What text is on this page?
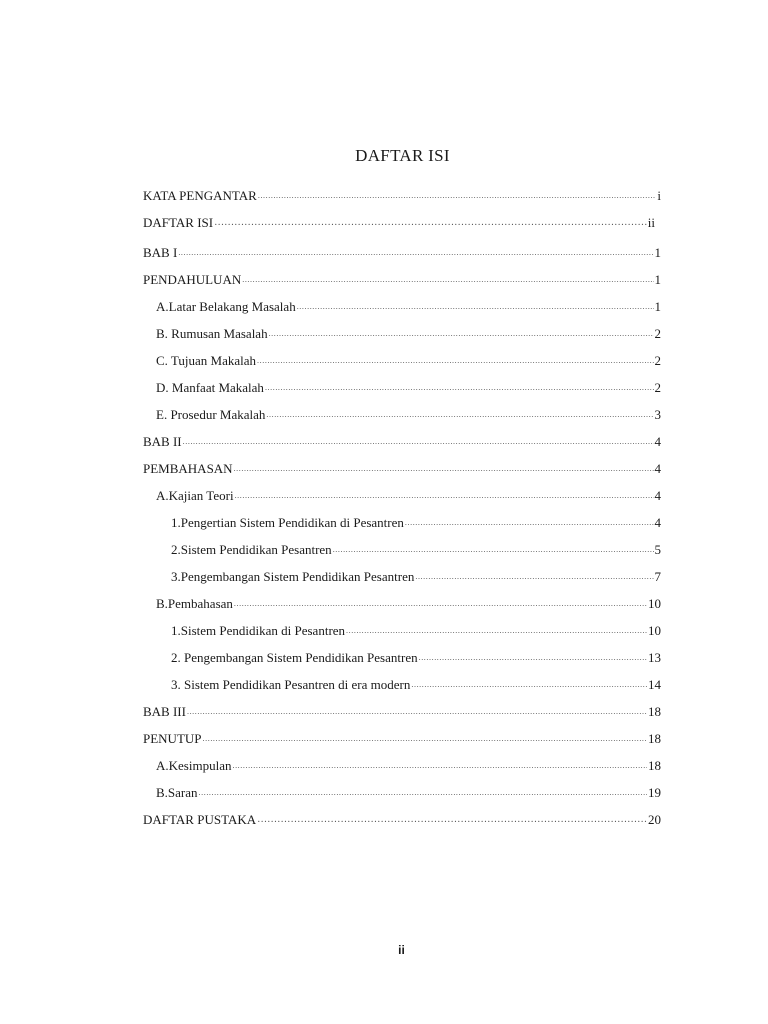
DAFTAR ISI
KATA PENGANTAR .....	i
DAFTAR ISI …………………………………………………………………………………………………………………………………………………………………………	ii
BAB I .....	1
PENDAHULUAN .....	1
A.Latar Belakang Masalah .....	1
B. Rumusan Masalah .....	2
C. Tujuan Makalah .....	2
D. Manfaat Makalah .....	2
E. Prosedur Makalah .....	3
BAB II .....	4
PEMBAHASAN .....	4
A.Kajian Teori .....	4
1.Pengertian Sistem Pendidikan di Pesantren .....	4
2.Sistem Pendidikan Pesantren .....	5
3.Pengembangan Sistem Pendidikan Pesantren .....	7
B.Pembahasan .....	10
1.Sistem Pendidikan di Pesantren .....	10
2. Pengembangan Sistem Pendidikan Pesantren .....	13
3. Sistem Pendidikan Pesantren di era modern .....	14
BAB III .....	18
PENUTUP .....	18
A.Kesimpulan .....	18
B.Saran .....	19
DAFTAR PUSTAKA …………………………………………………………………………………………………………………………………………………………………………	20
ii
